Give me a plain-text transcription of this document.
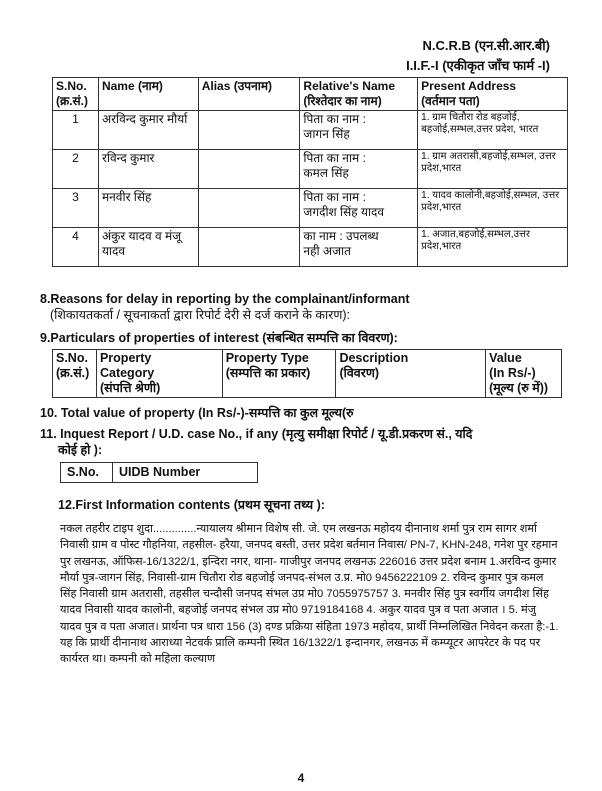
N.C.R.B (एन.सी.आर.बी)
I.I.F.-I (एकीकृत जाँच फार्म -I)
S.No.
(क्र.सं.)	Name (नाम)	Alias (उपनाम)	Relative's Name
(रिश्तेदार का नाम)	Present Address
(वर्तमान पता)
1	अरविन्द कुमार मौर्या		पिता का नाम :
जागन सिंह	1. ग्राम चितौरा रोड बहजोई, बहजोई,सम्भल,उत्तर प्रदेश, भारत
2	रविन्द कुमार		पिता का नाम :
कमल सिंह	1. ग्राम अतरासी,बहजोई,सम्भल, उत्तर प्रदेश,भारत
3	मनवीर सिंह		पिता का नाम :
जगदीश सिंह यादव	1. यादव कालोनी,बहजोई,सम्भल, उत्तर प्रदेश,भारत
4	अंकुर यादव व मंजू यादव		का नाम : उपलब्ध
नही अजात	1. अजात,बहजोई,सम्भल,उत्तर प्रदेश,भारत
8.Reasons for delay in reporting by the complainant/informant
(शिकायतकर्ता / सूचनाकर्ता द्वारा रिपोर्ट देरी से दर्ज कराने के कारण):
9.Particulars of properties of interest (संबन्धित सम्पत्ति का विवरण):
S.No.
(क्र.सं.)	Property
Category
(संपत्ति श्रेणी)	Property Type
(सम्पत्ति का प्रकार)	Description
(विवरण)	Value
(In Rs/-)
(मूल्य (रु में))
10. Total value of property (In Rs/-)-सम्पत्ति का कुल मूल्य(रु
11. Inquest Report / U.D. case No., if any (मृत्यु समीक्षा रिपोर्ट / यू.डी.प्रकरण सं., यदि
कोई हो ):
S.No.	UIDB Number
12.First Information contents (प्रथम सूचना तथ्य ):
नकल तहरीर टाइप शुदा..............न्यायालय श्रीमान विशेष सी. जे. एम लखनऊ महोदय दीनानाथ शर्मा पुत्र राम सागर शर्मा निवासी ग्राम व पोस्ट गौहनिया, तहसील- हरैया, जनपद बस्ती, उत्तर प्रदेश बर्तमान निवास/ PN-7, KHN-248, गनेश पुर रहमान पुर लखनऊ, ऑफिस-16/1322/1, इन्दिरा नगर, थाना- गाजीपुर जनपद लखनऊ 226016 उत्तर प्रदेश बनाम 1.अरविन्द कुमार मौर्या पुत्र-जागन सिंह, निवासी-ग्राम चितौरा रोड बहजोई जनपद-संभल उ.प्र. मो0 9456222109 2. रविन्द कुमार पुत्र कमल सिंह निवासी ग्राम अतरासी, तहसील चन्दौसी जनपद संभल उप्र मो0 7055975757 3. मनवीर सिंह पुत्र स्वर्गीय जगदीश सिंह यादव निवासी यादव कालोनी, बहजोई जनपद संभल उप्र मो0 9719184168 4. अकुर यादव पुत्र व पता अजात । 5. मंजु यादव पुत्र व पता अजात। प्रार्थना पत्र धारा 156 (3) दण्ड प्रक्रिया संहिता 1973 महोदय, प्रार्थी निम्नलिखित निवेदन करता है:-1. यह कि प्रार्थी दीनानाथ आराध्या नेटवर्क प्रालि कम्पनी स्थित 16/1322/1 इन्दानगर, लखनऊ में कम्प्यूटर आपरेटर के पद पर कार्यरत था। कम्पनी को महिला कल्याण
4
